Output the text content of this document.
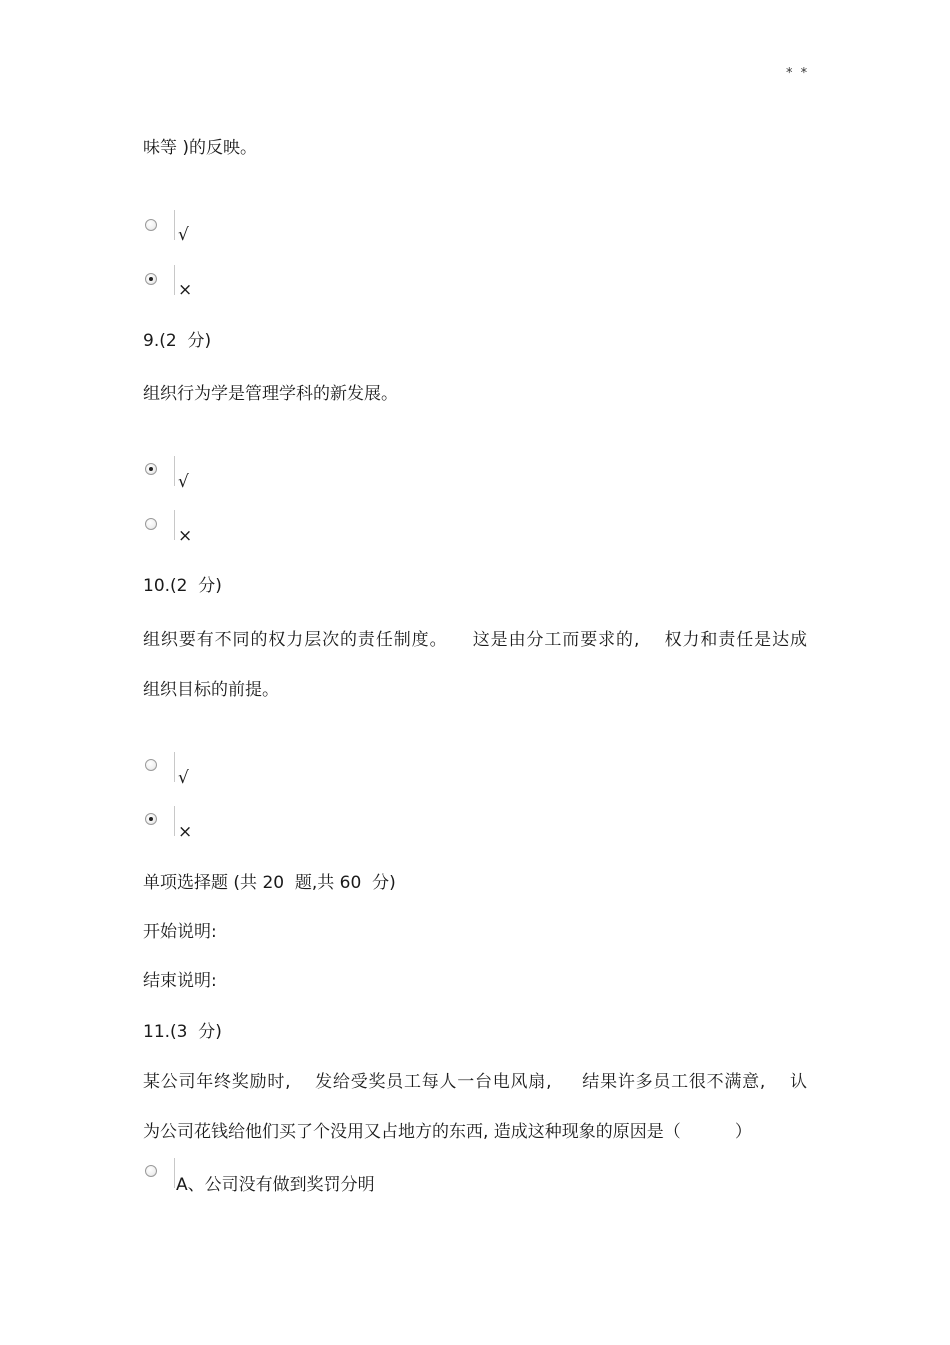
* *
味等 )的反映。
√
×
9.(2  分)
组织行为学是管理学科的新发展。
√
×
10.(2  分)
组织要有不同的权力层次的责任制度。    这是由分工而要求的,    权力和责任是达成
组织目标的前提。
√
×
单项选择题 (共 20  题,共 60  分)
开始说明:
结束说明:
11.(3  分)
某公司年终奖励时,    发给受奖员工每人一台电风扇,     结果许多员工很不满意,    认
为公司花钱给他们买了个没用又占地方的东西, 造成这种现象的原因是（          ）
A、公司没有做到奖罚分明
